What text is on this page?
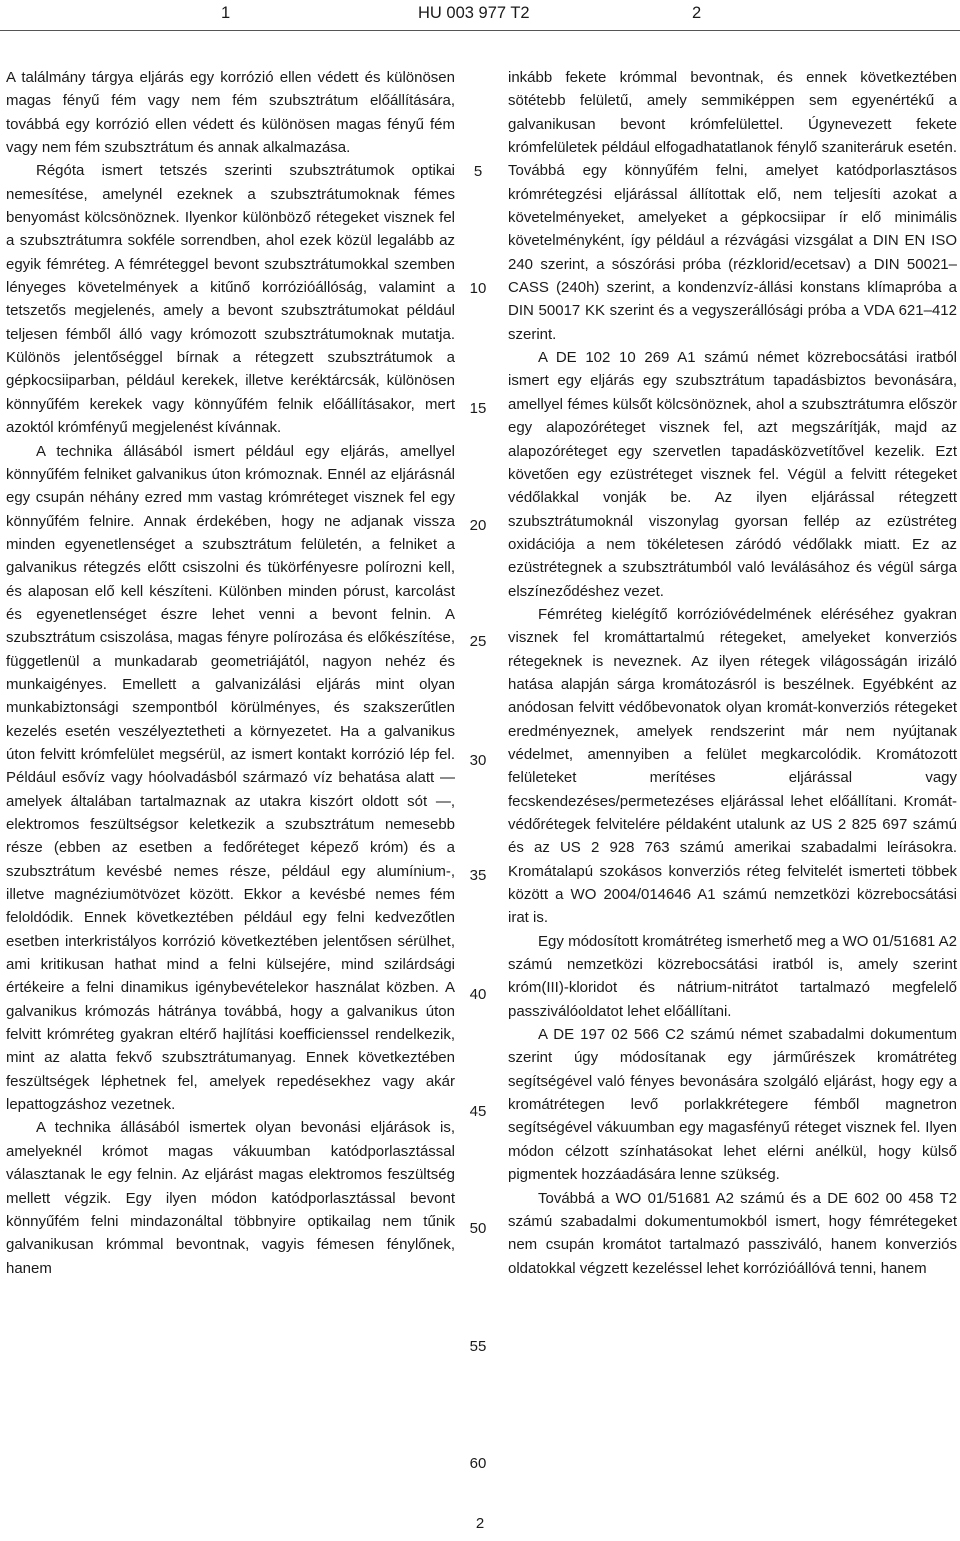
1	HU 003 977 T2	2

A találmány tárgya eljárás egy korrózió ellen védett és különösen magas fényű fém vagy nem fém szubsztrátum előállítására, továbbá egy korrózió ellen védett és különösen magas fényű fém vagy nem fém szubsztrátum és annak alkalmazása.

Régóta ismert tetszés szerinti szubsztrátumok optikai nemesítése, amelynél ezeknek a szubsztrátumoknak fémes benyomást kölcsönöznek. Ilyenkor különböző rétegeket visznek fel a szubsztrátumra sokféle sorrendben, ahol ezek közül legalább az egyik fémréteg. A fémréteggel bevont szubsztrátumokkal szemben lényeges követelmények a kitűnő korrózióállóság, valamint a tetszetős megjelenés, amely a bevont szubsztrátumokat például teljesen fémből álló vagy krómozott szubsztrátumoknak mutatja. Különös jelentőséggel bírnak a rétegzett szubsztrátumok a gépkocsiiparban, például kerekek, illetve keréktárcsák, különösen könnyűfém kerekek vagy könnyűfém felnik előállításakor, mert azoktól krómfényű megjelenést kívánnak.

A technika állásából ismert például egy eljárás, amellyel könnyűfém felniket galvanikus úton krómoznak. Ennél az eljárásnál egy csupán néhány ezred mm vastag krómréteget visznek fel egy könnyűfém felnire. Annak érdekében, hogy ne adjanak vissza minden egyenetlenséget a szubsztrátum felületén, a felniket a galvanikus rétegzés előtt csiszolni és tükörfényesre polírozni kell, és alaposan elő kell készíteni. Különben minden pórust, karcolást és egyenetlenséget észre lehet venni a bevont felnin. A szubsztrátum csiszolása, magas fényre polírozása és előkészítése, függetlenül a munkadarab geometriájától, nagyon nehéz és munkaigényes. Emellett a galvanizálási eljárás mint olyan munkabiztonsági szempontból körülményes, és szakszerűtlen kezelés esetén veszélyeztetheti a környezetet. Ha a galvanikus úton felvitt krómfelület megsérül, az ismert kontakt korrózió lép fel. Például esővíz vagy hóolvadásból származó víz behatása alatt — amelyek általában tartalmaznak az utakra kiszórt oldott sót —, elektromos feszültségsor keletkezik a szubsztrátum nemesebb része (ebben az esetben a fedőréteget képező króm) és a szubsztrátum kevésbé nemes része, például egy alumínium-, illetve magnéziumötvözet között. Ekkor a kevésbé nemes fém feloldódik. Ennek következtében például egy felni kedvezőtlen esetben interkristályos korrózió következtében jelentősen sérülhet, ami kritikusan hathat mind a felni külsejére, mind szilárdsági értékeire a felni dinamikus igénybevételekor használat közben. A galvanikus krómozás hátránya továbbá, hogy a galvanikus úton felvitt krómréteg gyakran eltérő hajlítási koefficienssel rendelkezik, mint az alatta fekvő szubsztrátumanyag. Ennek következtében feszültségek léphetnek fel, amelyek repedésekhez vagy akár lepattogzáshoz vezetnek.

A technika állásából ismertek olyan bevonási eljárások is, amelyeknél krómot magas vákuumban katódporlasztással választanak le egy felnin. Az eljárást magas elektromos feszültség mellett végzik. Egy ilyen módon katódporlasztással bevont könnyűfém felni mindazonáltal többnyire optikailag nem tűnik galvanikusan krómmal bevontnak, vagyis fémesen fénylőnek, hanem

5
10
15
20
25
30
35
40
45
50
55
60

inkább fekete krómmal bevontnak, és ennek következtében sötétebb felületű, amely semmiképpen sem egyenértékű a galvanikusan bevont krómfelülettel. Úgynevezett fekete krómfelületek például elfogadhatatlanok fénylő szaniteráruk esetén. Továbbá egy könnyűfém felni, amelyet katódporlasztásos krómrétegzési eljárással állítottak elő, nem teljesíti azokat a követelményeket, amelyeket a gépkocsiipar ír elő minimális követelményként, így például a rézvágási vizsgálat a DIN EN ISO 240 szerint, a sószórási próba (rézklorid/ecetsav) a DIN 50021–CASS (240h) szerint, a kondenzvíz-állási konstans klímapróba a DIN 50017 KK szerint és a vegyszerállósági próba a VDA 621–412 szerint.

A DE 102 10 269 A1 számú német közrebocsátási iratból ismert egy eljárás egy szubsztrátum tapadásbiztos bevonására, amellyel fémes külsőt kölcsönöznek, ahol a szubsztrátumra először egy alapozóréteget visznek fel, azt megszárítják, majd az alapozóréteget egy szervetlen tapadásközvetítővel kezelik. Ezt követően egy ezüstréteget visznek fel. Végül a felvitt rétegeket védőlakkal vonják be. Az ilyen eljárással rétegzett szubsztrátumoknál viszonylag gyorsan fellép az ezüstréteg oxidációja a nem tökéletesen záródó védőlakk miatt. Ez az ezüstrétegnek a szubsztrátumból való leválásához és végül sárga elszíneződéshez vezet.

Fémréteg kielégítő korrózióvédelmének eléréséhez gyakran visznek fel kromáttartalmú rétegeket, amelyeket konverziós rétegeknek is neveznek. Az ilyen rétegek világosságán irizáló hatása alapján sárga kromátozásról is beszélnek. Egyébként az anódosan felvitt védőbevonatok olyan kromát-konverziós rétegeket eredményeznek, amelyek rendszerint már nem nyújtanak védelmet, amennyiben a felület megkarcolódik. Kromátozott felületeket merítéses eljárással vagy fecskendezéses/permetezéses eljárással lehet előállítani. Kromát-védőrétegek felvitelére példaként utalunk az US 2 825 697 számú és az US 2 928 763 számú amerikai szabadalmi leírásokra. Kromátalapú szokásos konverziós réteg felvitelét ismerteti többek között a WO 2004/014646 A1 számú nemzetközi közrebocsátási irat is.

Egy módosított kromátréteg ismerhető meg a WO 01/51681 A2 számú nemzetközi közrebocsátási iratból is, amely szerint króm(III)-kloridot és nátrium-nitrátot tartalmazó megfelelő passziválóoldatot lehet előállítani.

A DE 197 02 566 C2 számú német szabadalmi dokumentum szerint úgy módosítanak egy járműrészek kromátréteg segítségével való fényes bevonására szolgáló eljárást, hogy egy a kromátrétegen levő porlakkrétegere fémből magnetron segítségével vákuumban egy magasfényű réteget visznek fel. Ilyen módon célzott színhatásokat lehet elérni anélkül, hogy külső pigmentek hozzáadására lenne szükség.

Továbbá a WO 01/51681 A2 számú és a DE 602 00 458 T2 számú szabadalmi dokumentumokból ismert, hogy fémrétegeket nem csupán kromátot tartalmazó passziváló, hanem konverziós oldatokkal végzett kezeléssel lehet korrózióállóvá tenni, hanem

2
